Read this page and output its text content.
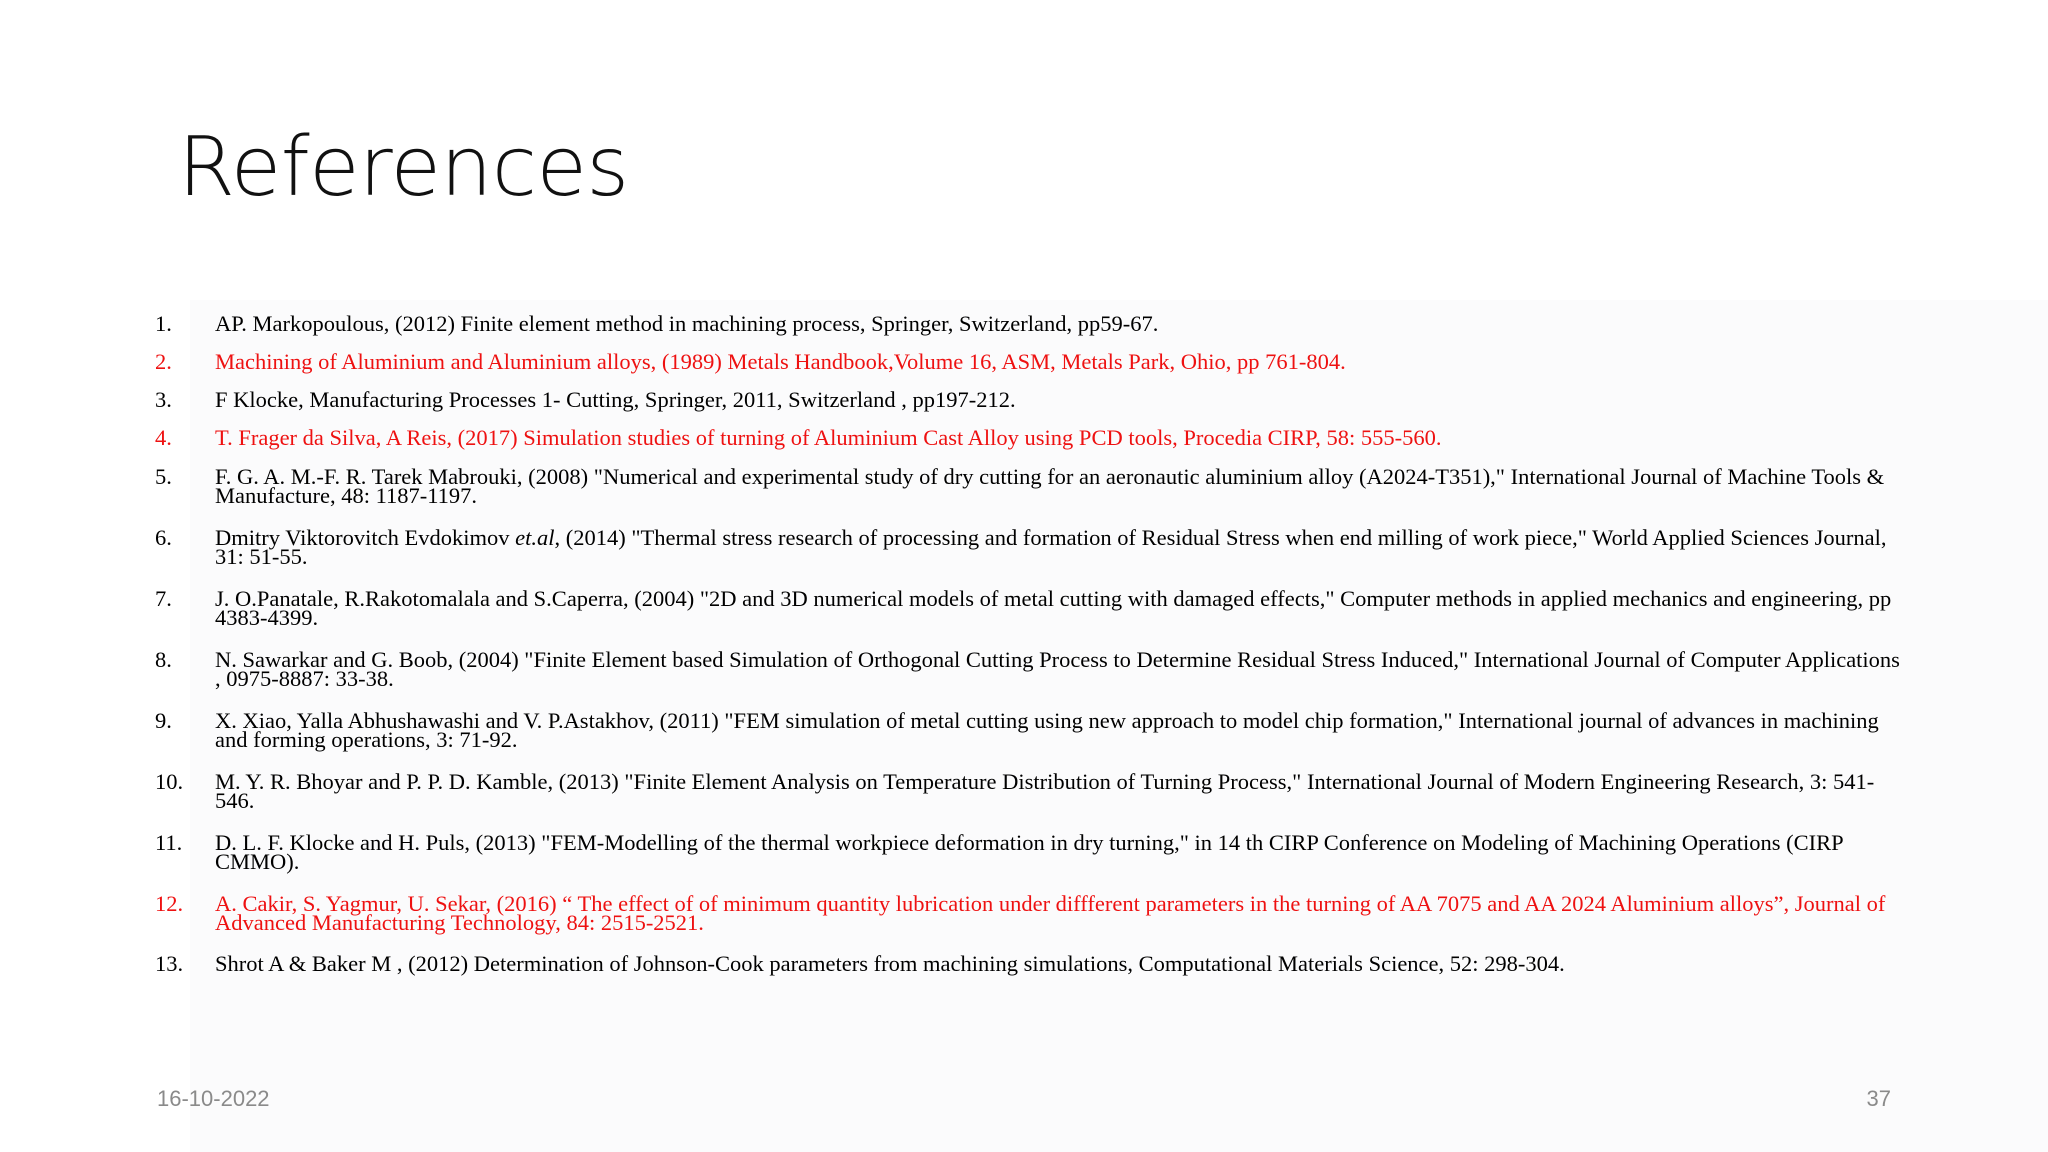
References
1.	AP. Markopoulous, (2012) Finite element method in machining process, Springer, Switzerland, pp59-67.
2.	Machining of Aluminium and Aluminium alloys, (1989) Metals Handbook,Volume 16, ASM, Metals Park, Ohio, pp 761-804.
3.	F Klocke, Manufacturing Processes 1- Cutting, Springer, 2011, Switzerland , pp197-212.
4.	T. Frager da Silva, A Reis, (2017) Simulation studies of turning of Aluminium Cast Alloy using PCD tools, Procedia CIRP, 58: 555-560.
5.	F. G. A. M.-F. R. Tarek Mabrouki, (2008) "Numerical and experimental study of dry cutting for an aeronautic aluminium alloy (A2024-T351)," International Journal of Machine Tools & Manufacture, 48: 1187-1197.
6.	Dmitry Viktorovitch Evdokimov et.al, (2014) "Thermal stress research of processing and formation of Residual Stress when end milling of work piece," World Applied Sciences Journal, 31: 51-55.
7.	J. O.Panatale, R.Rakotomalala and S.Caperra, (2004) "2D and 3D numerical models of metal cutting with damaged effects," Computer methods in applied mechanics and engineering, pp 4383-4399.
8.	N. Sawarkar and G. Boob, (2004) "Finite Element based Simulation of Orthogonal Cutting Process to Determine Residual Stress Induced," International Journal of Computer Applications , 0975-8887: 33-38.
9.	X. Xiao, Yalla Abhushawashi and V. P.Astakhov, (2011) "FEM simulation of metal cutting using new approach to model chip formation," International journal of advances in machining and forming operations, 3: 71-92.
10.	M. Y. R. Bhoyar and P. P. D. Kamble, (2013) "Finite Element Analysis on Temperature Distribution of Turning Process," International Journal of Modern Engineering Research, 3: 541-546.
11.	D. L. F. Klocke and H. Puls, (2013) "FEM-Modelling of the thermal workpiece deformation in dry turning," in 14 th CIRP Conference on Modeling of Machining Operations (CIRP CMMO).
12.	A. Cakir, S. Yagmur, U. Sekar, (2016) “ The effect of of minimum quantity lubrication under diffferent parameters in the turning of AA 7075 and AA 2024 Aluminium alloys”, Journal of Advanced Manufacturing Technology, 84: 2515-2521.
13.	Shrot A & Baker M , (2012) Determination of Johnson-Cook parameters from machining simulations, Computational Materials Science, 52: 298-304.
16-10-2022	37
